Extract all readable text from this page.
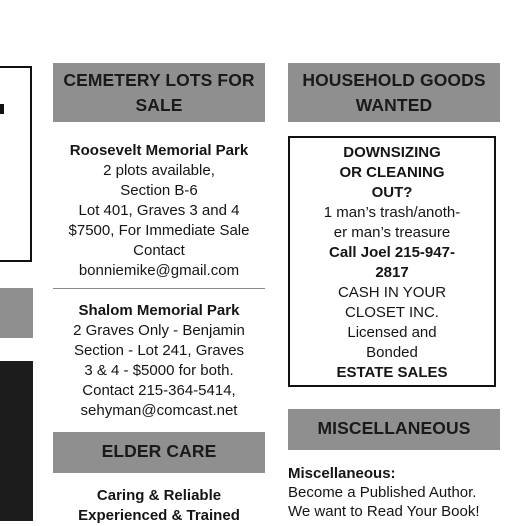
CEMETERY LOTS FOR
SALE
Roosevelt Memorial Park
2 plots available,
Section B-6
Lot 401, Graves 3 and 4
$7500, For Immediate Sale
Contact
bonniemike@gmail.com
Shalom Memorial Park
2 Graves Only - Benjamin
Section - Lot 241, Graves
3 & 4 - $5000 for both.
Contact 215-364-5414,
sehyman@comcast.net
ELDER CARE
Caring & Reliable
Experienced & Trained
HOUSEHOLD GOODS
WANTED
DOWNSIZING
OR CLEANING
OUT?
1 man’s trash/anoth-
er man’s treasure
Call Joel 215-947-
2817
CASH IN YOUR
CLOSET INC.
Licensed and
Bonded
ESTATE SALES
MISCELLANEOUS
Miscellaneous:
Become a Published Author.
We want to Read Your Book!
